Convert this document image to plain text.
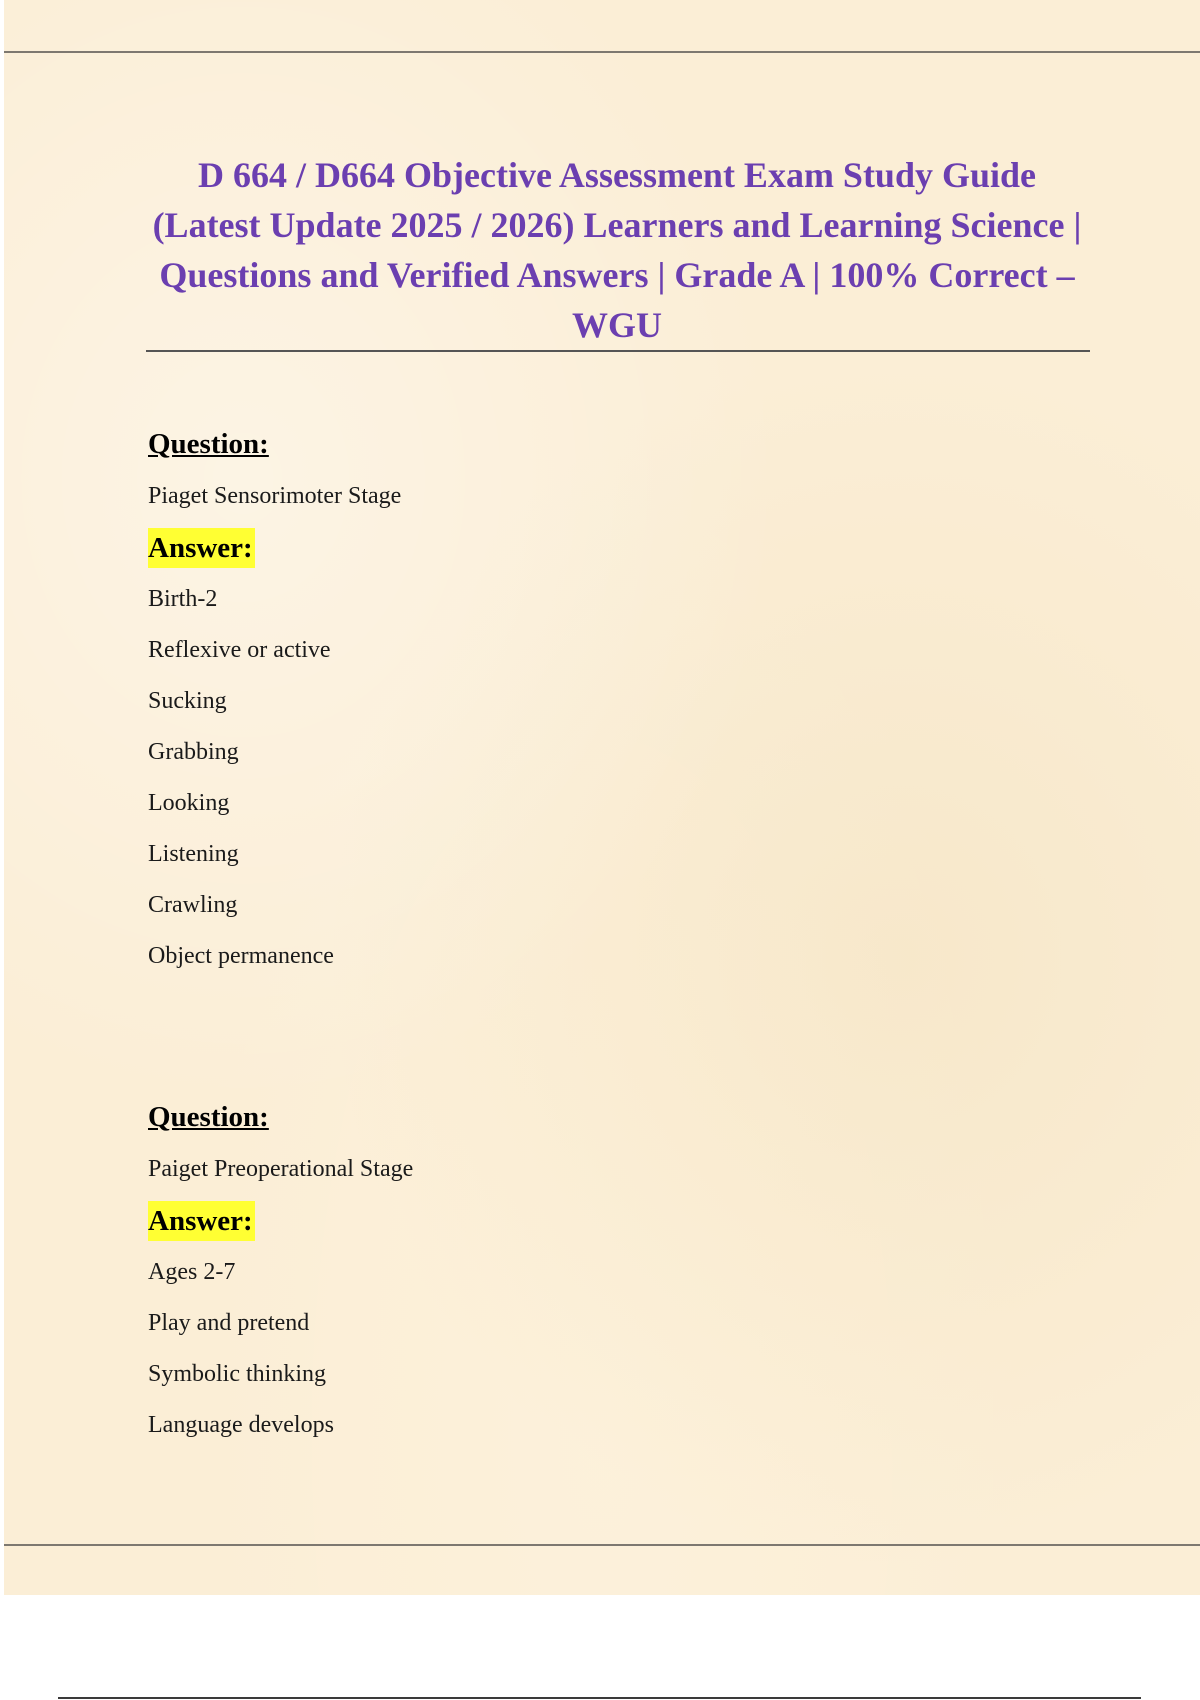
D 664 / D664 Objective Assessment Exam Study Guide (Latest Update 2025 / 2026) Learners and Learning Science | Questions and Verified Answers | Grade A | 100% Correct – WGU
Question:
Piaget Sensorimoter Stage
Answer:
Birth-2
Reflexive or active
Sucking
Grabbing
Looking
Listening
Crawling
Object permanence
Question:
Paiget Preoperational Stage
Answer:
Ages 2-7
Play and pretend
Symbolic thinking
Language develops
